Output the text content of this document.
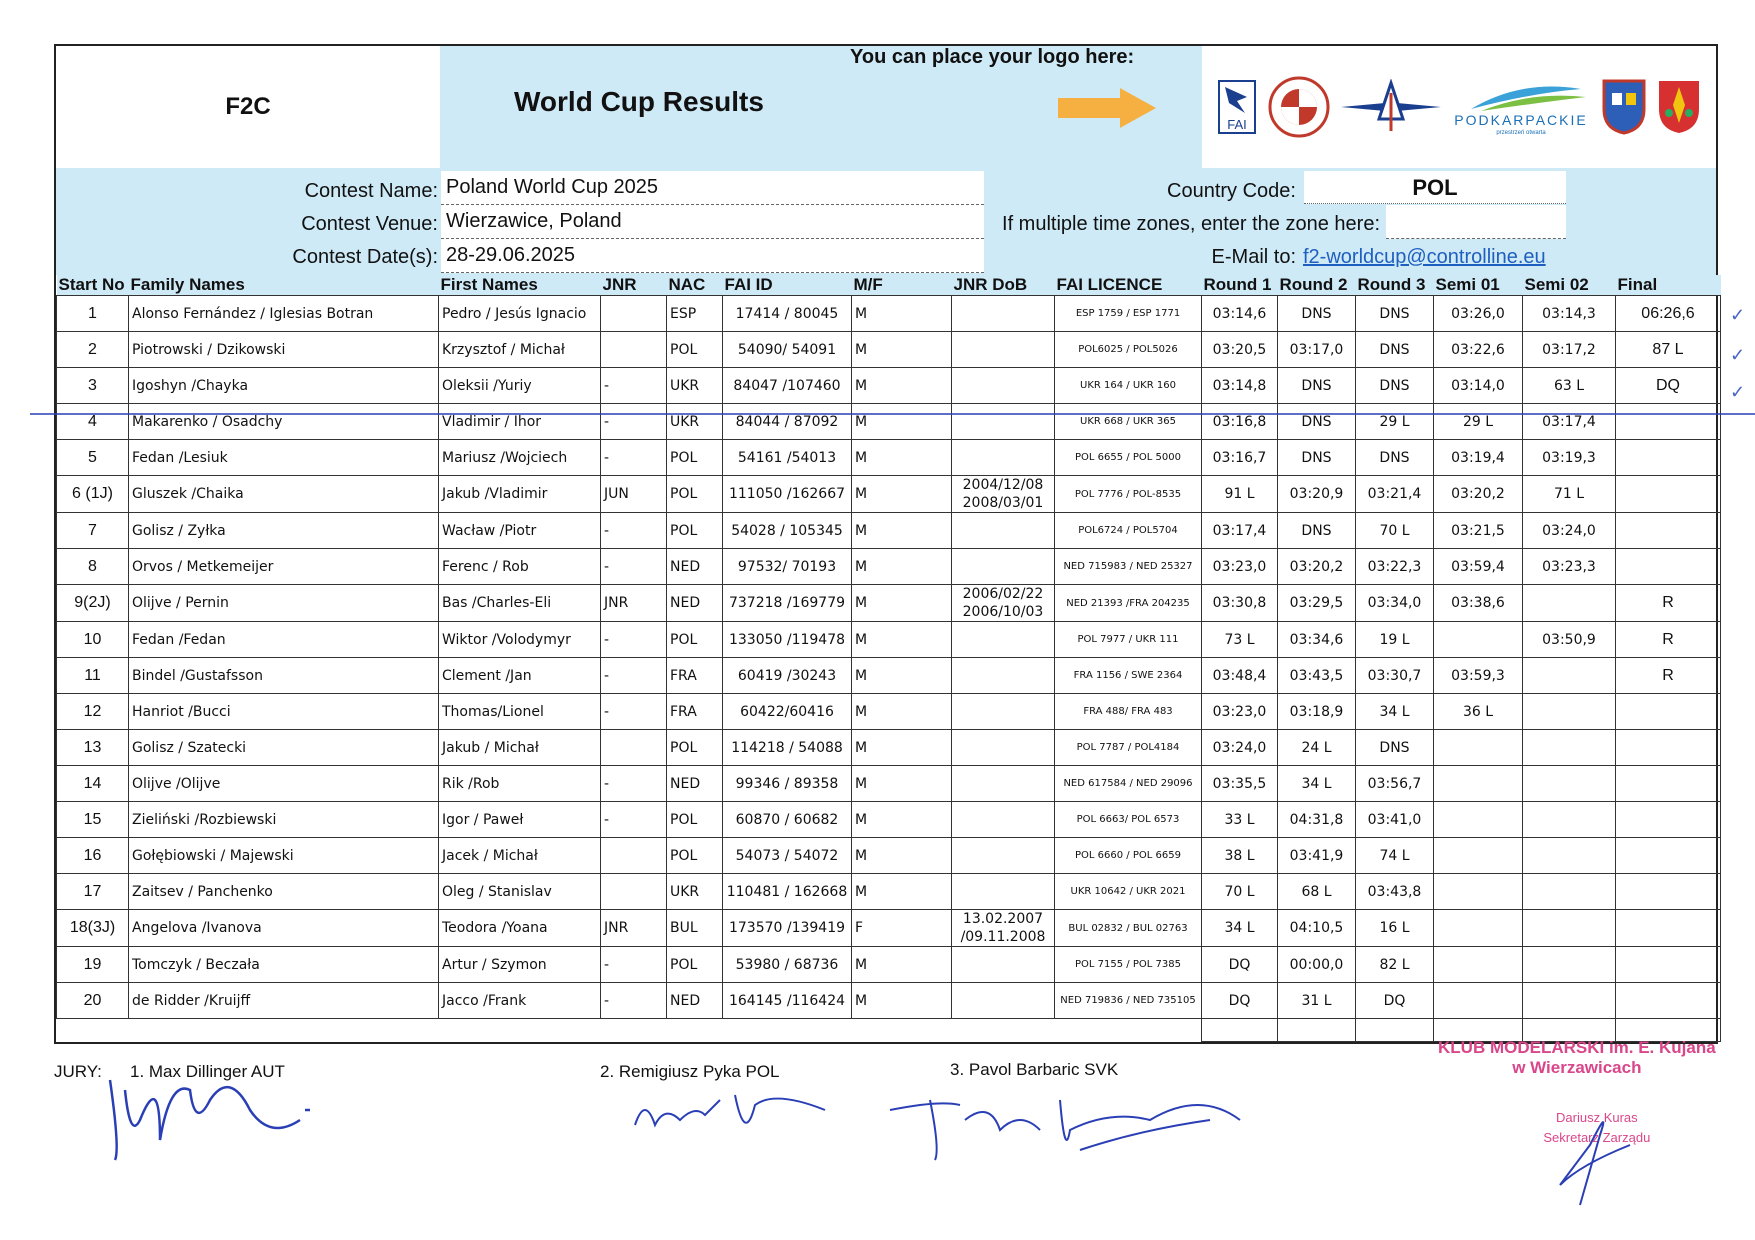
F2C	World Cup Results
You can place your logo here:
FAI	PODKARPACKIE
przestrzeń otwarta
Contest Name: Poland World Cup 2025
Contest Venue: Wierzawice, Poland
Contest Date(s): 28-29.06.2025
Country Code:	POL
If multiple time zones, enter the zone here:
E-Mail to: f2-worldcup@controlline.eu
Start No	Family Names	First Names	JNR	NAC	FAI ID	M/F	JNR DoB	FAI LICENCE	Round 1	Round 2	Round 3	Semi 01	Semi 02	Final
1	Alonso Fernández / Iglesias Botran	Pedro / Jesús Ignacio		ESP	17414 / 80045	M		ESP 1759 / ESP 1771	03:14,6	DNS	DNS	03:26,0	03:14,3	06:26,6
2	Piotrowski / Dzikowski	Krzysztof / Michał		POL	54090/ 54091	M		POL6025 / POL5026	03:20,5	03:17,0	DNS	03:22,6	03:17,2	87 L
3	Igoshyn /Chayka	Oleksii /Yuriy	-	UKR	84047 /107460	M		UKR 164 / UKR 160	03:14,8	DNS	DNS	03:14,0	63 L	DQ
4	Makarenko / Osadchy	Vladimir / Ihor	-	UKR	84044 / 87092	M		UKR 668 / UKR 365	03:16,8	DNS	29 L	29 L	03:17,4	
5	Fedan /Lesiuk	Mariusz /Wojciech	-	POL	54161 /54013	M		POL 6655 / POL 5000	03:16,7	DNS	DNS	03:19,4	03:19,3	
6 (1J)	Gluszek /Chaika	Jakub /Vladimir	JUN	POL	111050 /162667	M	2004/12/08
2008/03/01	POL 7776 / POL-8535	91 L	03:20,9	03:21,4	03:20,2	71 L	
7	Golisz / Zyłka	Wacław /Piotr	-	POL	54028 / 105345	M		POL6724 / POL5704	03:17,4	DNS	70 L	03:21,5	03:24,0	
8	Orvos / Metkemeijer	Ferenc / Rob	-	NED	97532/ 70193	M		NED 715983 / NED 25327	03:23,0	03:20,2	03:22,3	03:59,4	03:23,3	
9(2J)	Olijve / Pernin	Bas /Charles-Eli	JNR	NED	737218 /169779	M	2006/02/22
2006/10/03	NED 21393 /FRA 204235	03:30,8	03:29,5	03:34,0	03:38,6		R
10	Fedan /Fedan	Wiktor /Volodymyr	-	POL	133050 /119478	M		POL 7977 / UKR 111	73 L	03:34,6	19 L		03:50,9	R
11	Bindel /Gustafsson	Clement /Jan	-	FRA	60419 /30243	M		FRA 1156 / SWE 2364	03:48,4	03:43,5	03:30,7	03:59,3		R
12	Hanriot /Bucci	Thomas/Lionel	-	FRA	60422/60416	M		FRA 488/ FRA 483	03:23,0	03:18,9	34 L	36 L		
13	Golisz / Szatecki	Jakub / Michał		POL	114218 / 54088	M		POL 7787 / POL4184	03:24,0	24 L	DNS			
14	Olijve /Olijve	Rik /Rob	-	NED	99346 / 89358	M		NED 617584 / NED 29096	03:35,5	34 L	03:56,7			
15	Zieliński /Rozbiewski	Igor / Paweł	-	POL	60870 / 60682	M		POL 6663/ POL 6573	33 L	04:31,8	03:41,0			
16	Gołębiowski / Majewski	Jacek / Michał		POL	54073 / 54072	M		POL 6660 / POL 6659	38 L	03:41,9	74 L			
17	Zaitsev / Panchenko	Oleg / Stanislav		UKR	110481 / 162668	M		UKR 10642 / UKR 2021	70 L	68 L	03:43,8			
18(3J)	Angelova /Ivanova	Teodora /Yoana	JNR	BUL	173570 /139419	F	13.02.2007
/09.11.2008	BUL 02832 / BUL 02763	34 L	04:10,5	16 L			
19	Tomczyk / Beczała	Artur / Szymon	-	POL	53980 / 68736	M		POL 7155 / POL 7385	DQ	00:00,0	82 L			
20	de Ridder /Kruijff	Jacco /Frank	-	NED	164145 /116424	M		NED 719836 / NED 735105	DQ	31 L	DQ			

JURY: 1. Max Dillinger AUT	2. Remigiusz Pyka POL	3. Pavol Barbaric SVK
KLUB MODELARSKI im. E. Kujana
w Wierzawicach
Dariusz Kuras
Sekretarz Zarządu
✓
✓
✓
